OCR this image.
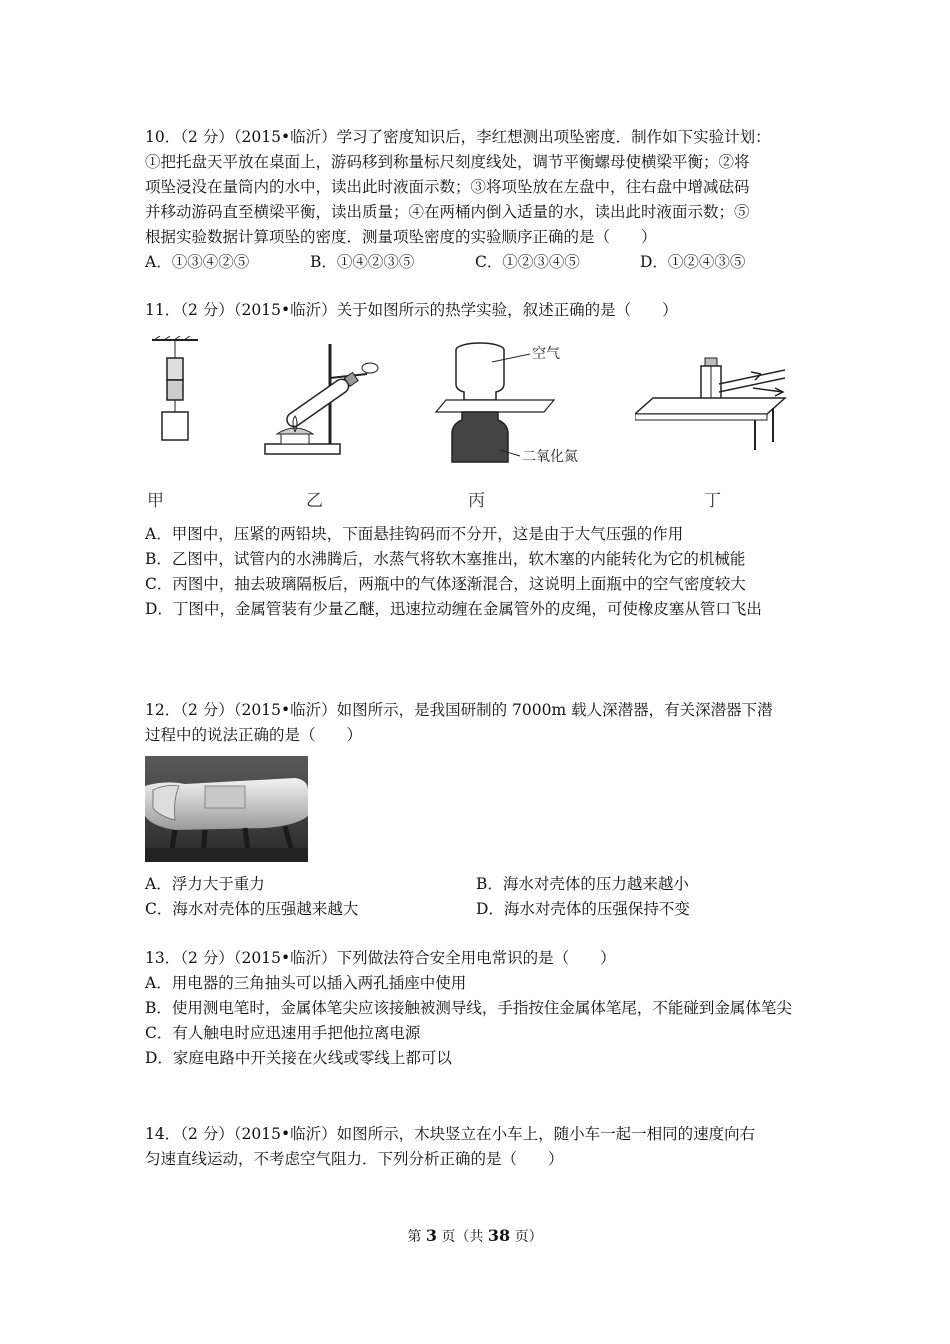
10．（2 分）（2015•临沂）学习了密度知识后，李红想测出项坠密度．制作如下实验计划：
①把托盘天平放在桌面上，游码移到称量标尺刻度线处，调节平衡螺母使横梁平衡；②将
项坠浸没在量筒内的水中，读出此时液面示数；③将项坠放在左盘中，往右盘中增减砝码
并移动游码直至横梁平衡，读出质量；④在两桶内倒入适量的水，读出此时液面示数；⑤
根据实验数据计算项坠的密度．测量项坠密度的实验顺序正确的是（　　）
A．①③④②⑤	B．①④②③⑤	C．①②③④⑤	D．①②④③⑤
11．（2 分）（2015•临沂）关于如图所示的热学实验，叙述正确的是（　　）
空气
二氧化氮
甲	乙	丙	丁
A．甲图中，压紧的两铅块，下面悬挂钩码而不分开，这是由于大气压强的作用
B．乙图中，试管内的水沸腾后，水蒸气将软木塞推出，软木塞的内能转化为它的机械能
C．丙图中，抽去玻璃隔板后，两瓶中的气体逐渐混合，这说明上面瓶中的空气密度较大
D．丁图中，金属管装有少量乙醚，迅速拉动缠在金属管外的皮绳，可使橡皮塞从管口飞出
12．（2 分）（2015•临沂）如图所示，是我国研制的 7000m 载人深潜器，有关深潜器下潜
过程中的说法正确的是（　　）
A．浮力大于重力	B．海水对壳体的压力越来越小
C．海水对壳体的压强越来越大	D．海水对壳体的压强保持不变
13．（2 分）（2015•临沂）下列做法符合安全用电常识的是（　　）
A．用电器的三角抽头可以插入两孔插座中使用
B．使用测电笔时，金属体笔尖应该接触被测导线，手指按住金属体笔尾，不能碰到金属体笔尖
C．有人触电时应迅速用手把他拉离电源
D．家庭电路中开关接在火线或零线上都可以
14．（2 分）（2015•临沂）如图所示，木块竖立在小车上，随小车一起一相同的速度向右
匀速直线运动，不考虑空气阻力．下列分析正确的是（　　）
第 3 页（共 38 页）
